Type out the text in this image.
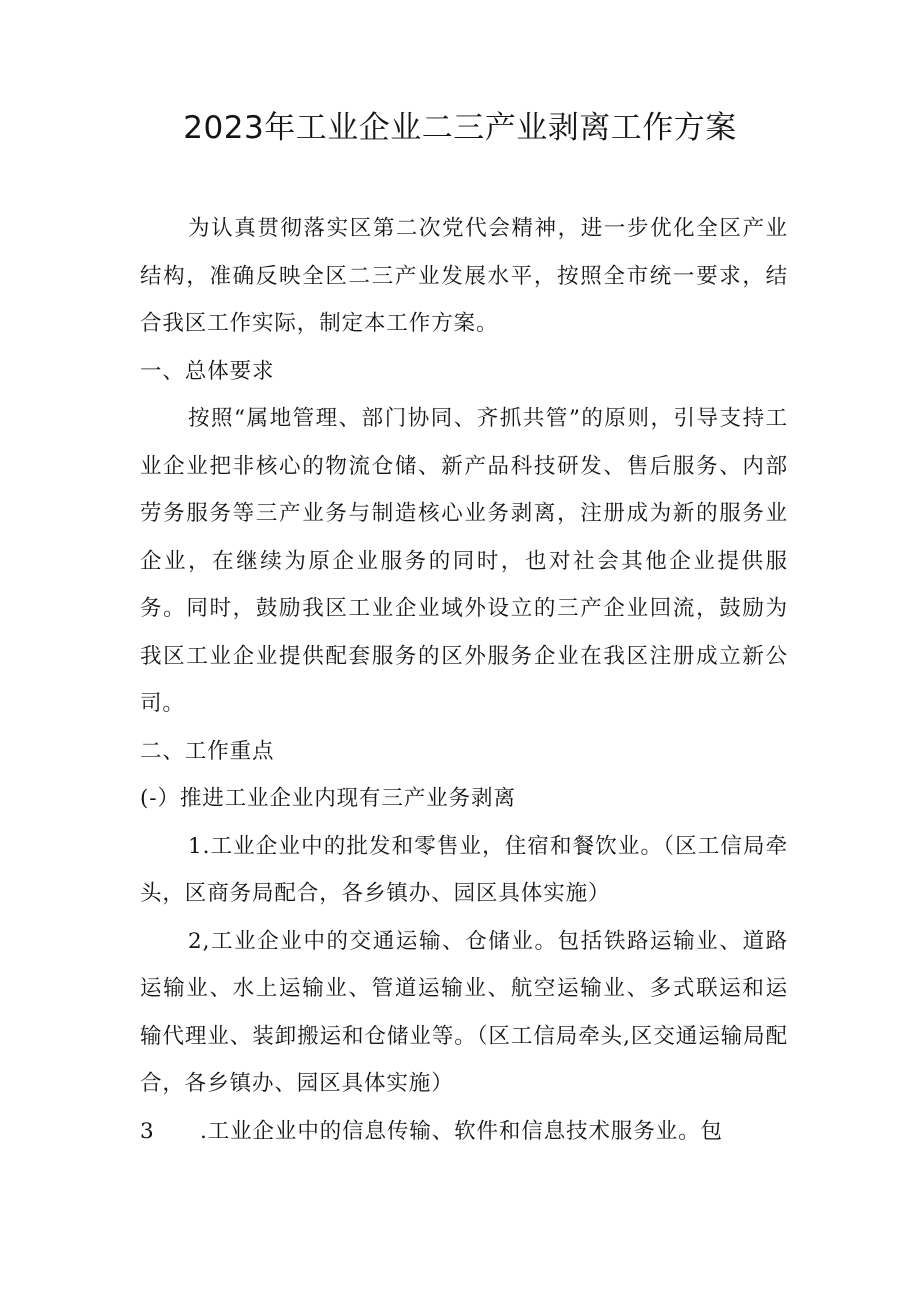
2023年工业企业二三产业剥离工作方案

为认真贯彻落实区第二次党代会精神，进一步优化全区产业结构，准确反映全区二三产业发展水平，按照全市统一要求，结合我区工作实际，制定本工作方案。

一、总体要求

按照“属地管理、部门协同、齐抓共管”的原则，引导支持工业企业把非核心的物流仓储、新产品科技研发、售后服务、内部劳务服务等三产业务与制造核心业务剥离，注册成为新的服务业企业，在继续为原企业服务的同时，也对社会其他企业提供服务。同时，鼓励我区工业企业域外设立的三产企业回流，鼓励为我区工业企业提供配套服务的区外服务企业在我区注册成立新公司。

二、工作重点

(-）推进工业企业内现有三产业务剥离

1.工业企业中的批发和零售业，住宿和餐饮业。（区工信局牵头，区商务局配合，各乡镇办、园区具体实施）

2,工业企业中的交通运输、仓储业。包括铁路运输业、道路运输业、水上运输业、管道运输业、航空运输业、多式联运和运输代理业、装卸搬运和仓储业等。（区工信局牵头,区交通运输局配合，各乡镇办、园区具体实施）

3 .工业企业中的信息传输、软件和信息技术服务业。包
